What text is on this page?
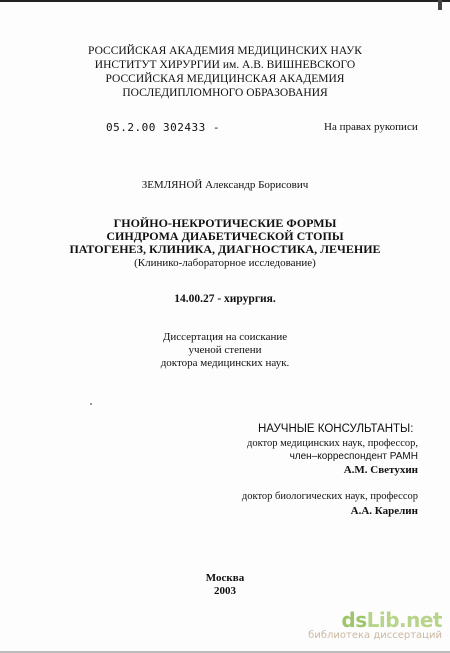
РОССИЙСКАЯ АКАДЕМИЯ МЕДИЦИНСКИХ НАУК
ИНСТИТУТ ХИРУРГИИ им. А.В. ВИШНЕВСКОГО
РОССИЙСКАЯ МЕДИЦИНСКАЯ АКАДЕМИЯ
ПОСЛЕДИПЛОМНОГО ОБРАЗОВАНИЯ
05.2.00 302433 -	На правах рукописи
ЗЕМЛЯНОЙ Александр Борисович
ГНОЙНО-НЕКРОТИЧЕСКИЕ ФОРМЫ
СИНДРОМА ДИАБЕТИЧЕСКОЙ СТОПЫ
ПАТОГЕНЕЗ, КЛИНИКА, ДИАГНОСТИКА, ЛЕЧЕНИЕ
(Клинико-лабораторное исследование)
14.00.27 - хирургия.
Диссертация на соискание
ученой степени
доктора медицинских наук.
НАУЧНЫЕ КОНСУЛЬТАНТЫ:
доктор медицинских наук, профессор,
член–корреспондент РАМН
А.М. Светухин
доктор биологических наук, профессор
А.А. Карелин
Москва
2003
dsLib.net
библиотека диссертаций
